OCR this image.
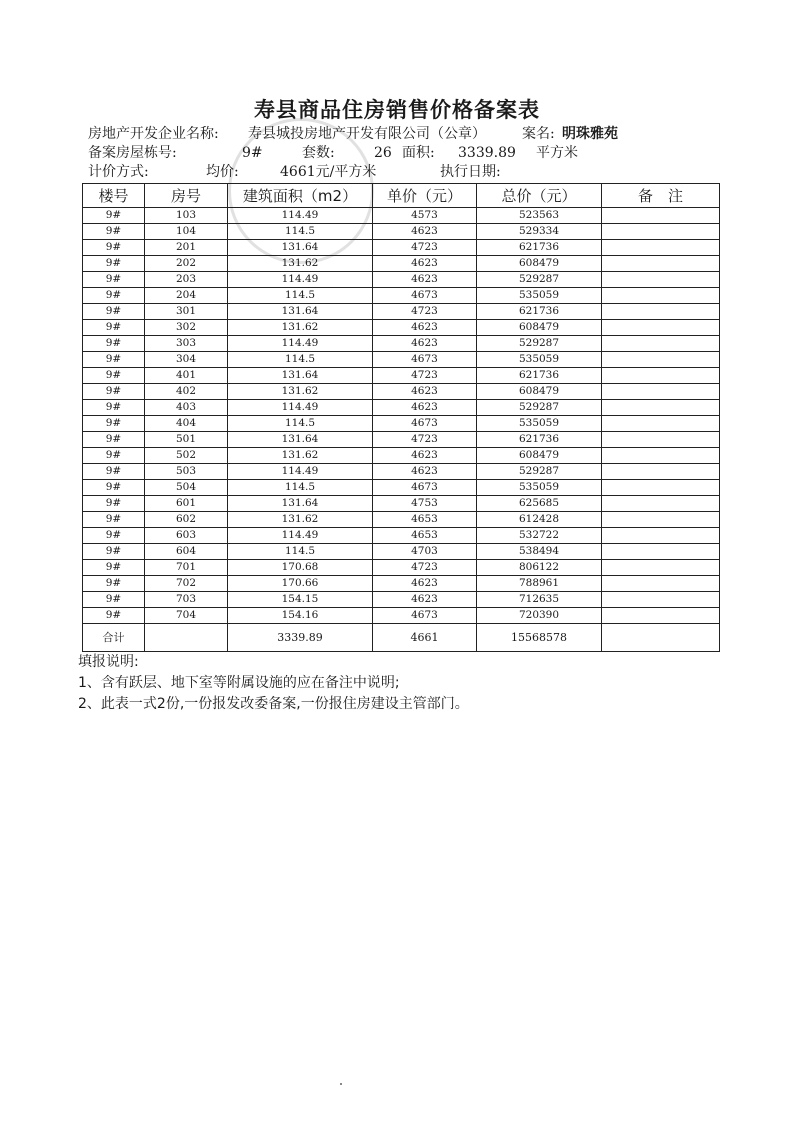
寿县商品住房销售价格备案表
房地产开发企业名称: 寿县城投房地产开发有限公司（公章）	案名: 明珠雅苑
备案房屋栋号:	9#	套数:	26 面积: 3339.89 平方米
计价方式:	均价:	4661元/平方米	执行日期:
楼号	房号	建筑面积（m2）	单价（元）	总价（元）	备　注
9#	103	114.49	4573	523563	
9#	104	114.5	4623	529334	
9#	201	131.64	4723	621736	
9#	202	131.62	4623	608479	
9#	203	114.49	4623	529287	
9#	204	114.5	4673	535059	
9#	301	131.64	4723	621736	
9#	302	131.62	4623	608479	
9#	303	114.49	4623	529287	
9#	304	114.5	4673	535059	
9#	401	131.64	4723	621736	
9#	402	131.62	4623	608479	
9#	403	114.49	4623	529287	
9#	404	114.5	4673	535059	
9#	501	131.64	4723	621736	
9#	502	131.62	4623	608479	
9#	503	114.49	4623	529287	
9#	504	114.5	4673	535059	
9#	601	131.64	4753	625685	
9#	602	131.62	4653	612428	
9#	603	114.49	4653	532722	
9#	604	114.5	4703	538494	
9#	701	170.68	4723	806122	
9#	702	170.66	4623	788961	
9#	703	154.15	4623	712635	
9#	704	154.16	4673	720390	
合计		3339.89	4661	15568578	
填报说明:
1、含有跃层、地下室等附属设施的应在备注中说明;
2、此表一式2份,一份报发改委备案,一份报住房建设主管部门。
